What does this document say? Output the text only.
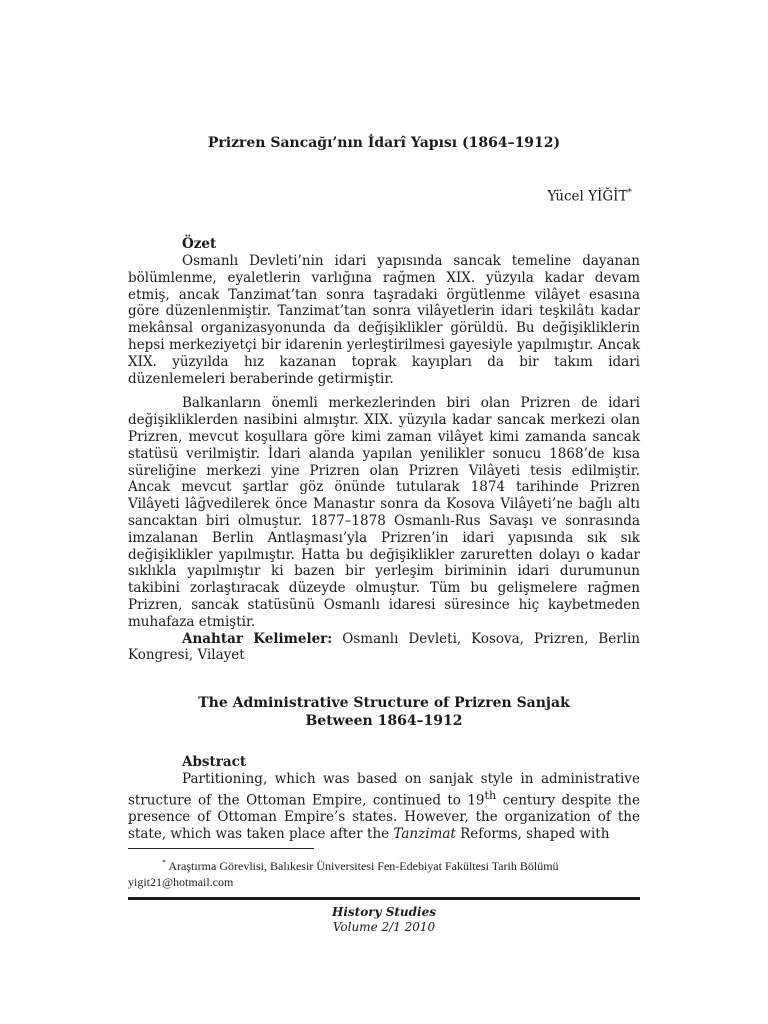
Prizren Sancağı’nın İdarî Yapısı (1864–1912)
Yücel YİĞİT*
Özet

Osmanlı Devleti’nin idari yapısında sancak temeline dayanan bölümlenme, eyaletlerin varlığına rağmen XIX. yüzyıla kadar devam etmiş, ancak Tanzimat’tan sonra taşradaki örgütlenme vilâyet esasına göre düzenlenmiştir. Tanzimat’tan sonra vilâyetlerin idari teşkilâtı kadar mekânsal organizasyonunda da değişiklikler görüldü. Bu değişikliklerin hepsi merkeziyetçi bir idarenin yerleştirilmesi gayesiyle yapılmıştır. Ancak XIX. yüzyılda hız kazanan toprak kayıpları da bir takım idari düzenlemeleri beraberinde getirmiştir.

Balkanların önemli merkezlerinden biri olan Prizren de idari değişikliklerden nasibini almıştır. XIX. yüzyıla kadar sancak merkezi olan Prizren, mevcut koşullara göre kimi zaman vilâyet kimi zamanda sancak statüsü verilmiştir. İdari alanda yapılan yenilikler sonucu 1868’de kısa süreliğine merkezi yine Prizren olan Prizren Vilâyeti tesis edilmiştir. Ancak mevcut şartlar göz önünde tutularak 1874 tarihinde Prizren Vilâyeti lâğvedilerek önce Manastır sonra da Kosova Vilâyeti’ne bağlı altı sancaktan biri olmuştur. 1877–1878 Osmanlı-Rus Savaşı ve sonrasında imzalanan Berlin Antlaşması’yla Prizren’in idari yapısında sık sık değişiklikler yapılmıştır. Hatta bu değişiklikler zaruretten dolayı o kadar sıklıkla yapılmıştır ki bazen bir yerleşim biriminin idari durumunun takibini zorlaştıracak düzeyde olmuştur. Tüm bu gelişmelere rağmen Prizren, sancak statüsünü Osmanlı idaresi süresince hiç kaybetmeden muhafaza etmiştir.

Anahtar Kelimeler: Osmanlı Devleti, Kosova, Prizren, Berlin Kongresi, Vilayet

The Administrative Structure of Prizren Sanjak
Between 1864–1912
Abstract

Partitioning, which was based on sanjak style in administrative structure of the Ottoman Empire, continued to 19th century despite the presence of Ottoman Empire’s states. However, the organization of the state, which was taken place after the Tanzimat Reforms, shaped with

* Araştırma Görevlisi, Balıkesir Üniversitesi Fen-Edebiyat Fakültesi Tarih Bölümü
yigit21@hotmail.com
History Studies
Volume 2/1 2010
